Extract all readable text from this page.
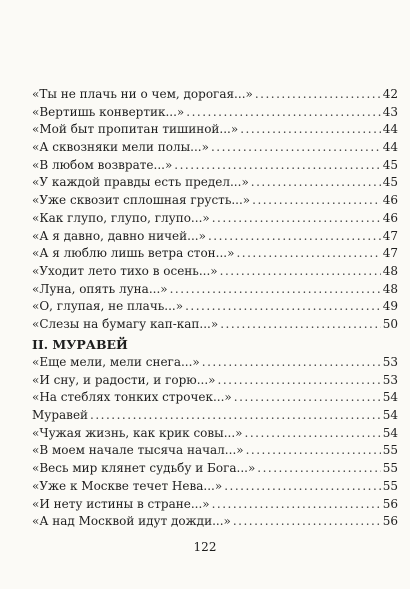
«Ты не плачь ни о чем, дорогая...» .....	42
«Вертишь конвертик...» .....	43
«Мой быт пропитан тишиной...» .....	44
«А сквозняки мели полы...» .....	44
«В любом возврате...» .....	45
«У каждой правды есть предел...» .....	45
«Уже сквозит сплошная грусть...» .....	46
«Как глупо, глупо, глупо...» .....	46
«А я давно, давно ничей...» .....	47
«А я люблю лишь ветра стон...» .....	47
«Уходит лето тихо в осень...» .....	48
«Луна, опять луна...» .....	48
«О, глупая, не плачь...» .....	49
«Слезы на бумагу кап-кап...» .....	50
II. МУРАВЕЙ
«Еще мели, мели снега...» .....	53
«И сну, и радости, и горю...» .....	53
«На стеблях тонких строчек...» .....	54
Муравей .....	54
«Чужая жизнь, как крик совы...» .....	54
«В моем начале тысяча начал...» .....	55
«Весь мир клянет судьбу и Бога...» .....	55
«Уже к Москве течет Нева...» .....	55
«И нету истины в стране...» .....	56
«А над Москвой идут дожди...» .....	56
122
